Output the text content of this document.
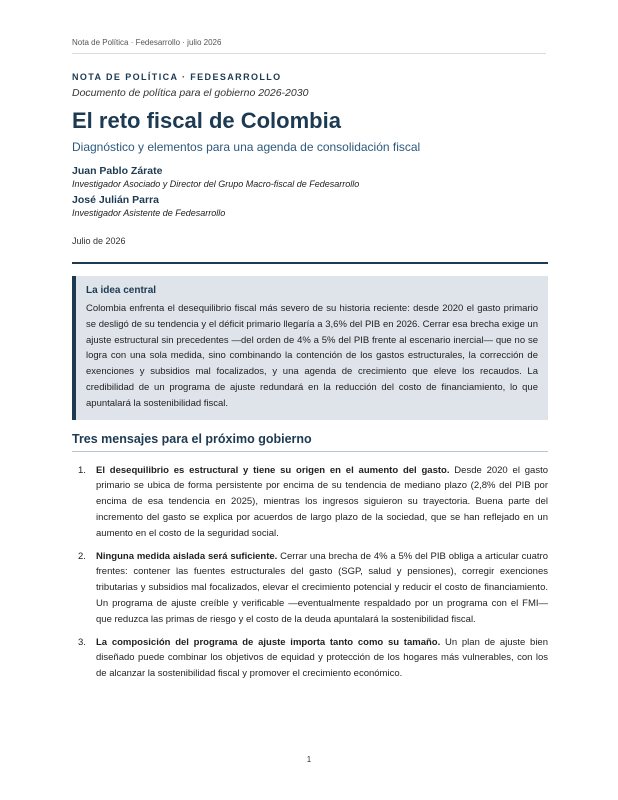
Nota de Política · Fedesarrollo · julio 2026
NOTA DE POLÍTICA · FEDESARROLLO
Documento de política para el gobierno 2026-2030
El reto fiscal de Colombia
Diagnóstico y elementos para una agenda de consolidación fiscal
Juan Pablo Zárate
Investigador Asociado y Director del Grupo Macro-fiscal de Fedesarrollo
José Julián Parra
Investigador Asistente de Fedesarrollo
Julio de 2026
La idea central
Colombia enfrenta el desequilibrio fiscal más severo de su historia reciente: desde 2020 el gasto primario se desligó de su tendencia y el déficit primario llegaría a 3,6% del PIB en 2026. Cerrar esa brecha exige un ajuste estructural sin precedentes —del orden de 4% a 5% del PIB frente al escenario inercial— que no se logra con una sola medida, sino combinando la contención de los gastos estructurales, la corrección de exenciones y subsidios mal focalizados, y una agenda de crecimiento que eleve los recaudos. La credibilidad de un programa de ajuste redundará en la reducción del costo de financiamiento, lo que apuntalará la sostenibilidad fiscal.
Tres mensajes para el próximo gobierno
1. El desequilibrio es estructural y tiene su origen en el aumento del gasto. Desde 2020 el gasto primario se ubica de forma persistente por encima de su tendencia de mediano plazo (2,8% del PIB por encima de esa tendencia en 2025), mientras los ingresos siguieron su trayectoria. Buena parte del incremento del gasto se explica por acuerdos de largo plazo de la sociedad, que se han reflejado en un aumento en el costo de la seguridad social.
2. Ninguna medida aislada será suficiente. Cerrar una brecha de 4% a 5% del PIB obliga a articular cuatro frentes: contener las fuentes estructurales del gasto (SGP, salud y pensiones), corregir exenciones tributarias y subsidios mal focalizados, elevar el crecimiento potencial y reducir el costo de financiamiento. Un programa de ajuste creíble y verificable —eventualmente respaldado por un programa con el FMI— que reduzca las primas de riesgo y el costo de la deuda apuntalará la sostenibilidad fiscal.
3. La composición del programa de ajuste importa tanto como su tamaño. Un plan de ajuste bien diseñado puede combinar los objetivos de equidad y protección de los hogares más vulnerables, con los de alcanzar la sostenibilidad fiscal y promover el crecimiento económico.
1
